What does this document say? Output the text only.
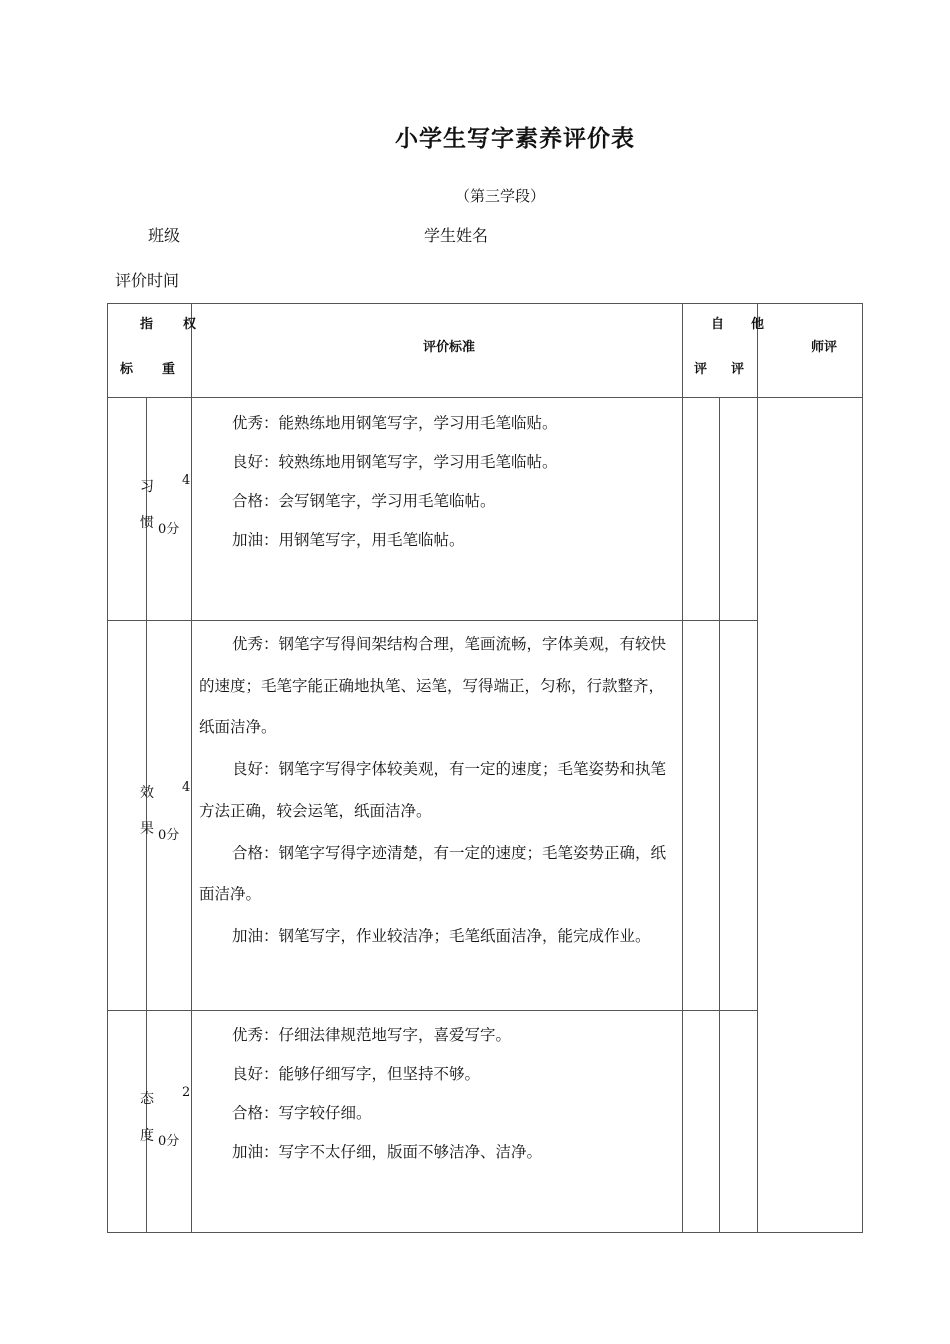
小学生写字素养评价表
（第三学段）
班级	学生姓名
评价时间
指
标
权
重
评价标准
自
评
他
评
师评
习
惯
4
0分

优秀：能熟练地用钢笔写字，学习用毛笔临贴。

良好：较熟练地用钢笔写字，学习用毛笔临帖。

合格：会写钢笔字，学习用毛笔临帖。

加油：用钢笔写字，用毛笔临帖。

效
果
4
0分

优秀：钢笔字写得间架结构合理，笔画流畅，字体美观，有较快的速度；毛笔字能正确地执笔、运笔，写得端正，匀称，行款整齐，纸面洁净。

良好：钢笔字写得字体较美观，有一定的速度；毛笔姿势和执笔方法正确，较会运笔，纸面洁净。

合格：钢笔字写得字迹清楚，有一定的速度；毛笔姿势正确，纸面洁净。

加油：钢笔写字，作业较洁净；毛笔纸面洁净，能完成作业。

态
度
2
0分

优秀：仔细法律规范地写字，喜爱写字。

良好：能够仔细写字，但坚持不够。

合格：写字较仔细。

加油：写字不太仔细，版面不够洁净、洁净。
